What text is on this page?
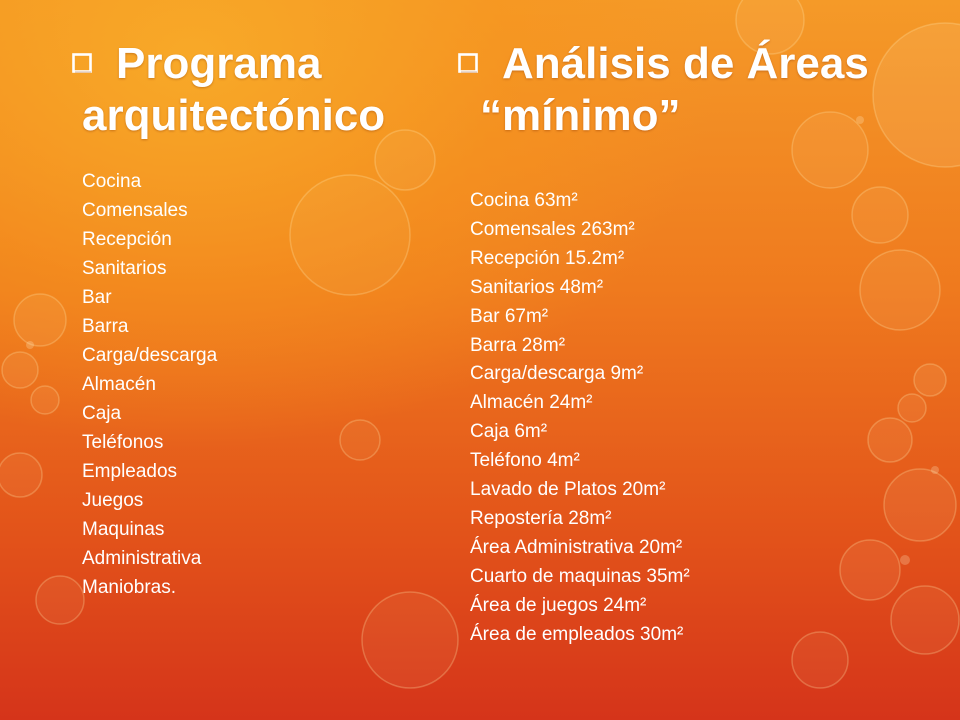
Programa
arquitectónico
Análisis de Áreas
“mínimo”
Cocina
Comensales
Recepción
Sanitarios
Bar
Barra
Carga/descarga
Almacén
Caja
Teléfonos
Empleados
Juegos
Maquinas
Administrativa
Maniobras.
Cocina 63m²
Comensales 263m²
Recepción 15.2m²
Sanitarios 48m²
Bar 67m²
Barra 28m²
Carga/descarga 9m²
Almacén 24m²
Caja 6m²
Teléfono 4m²
Lavado de Platos 20m²
Repostería 28m²
Área Administrativa 20m²
Cuarto de maquinas 35m²
Área de juegos 24m²
Área de empleados 30m²
